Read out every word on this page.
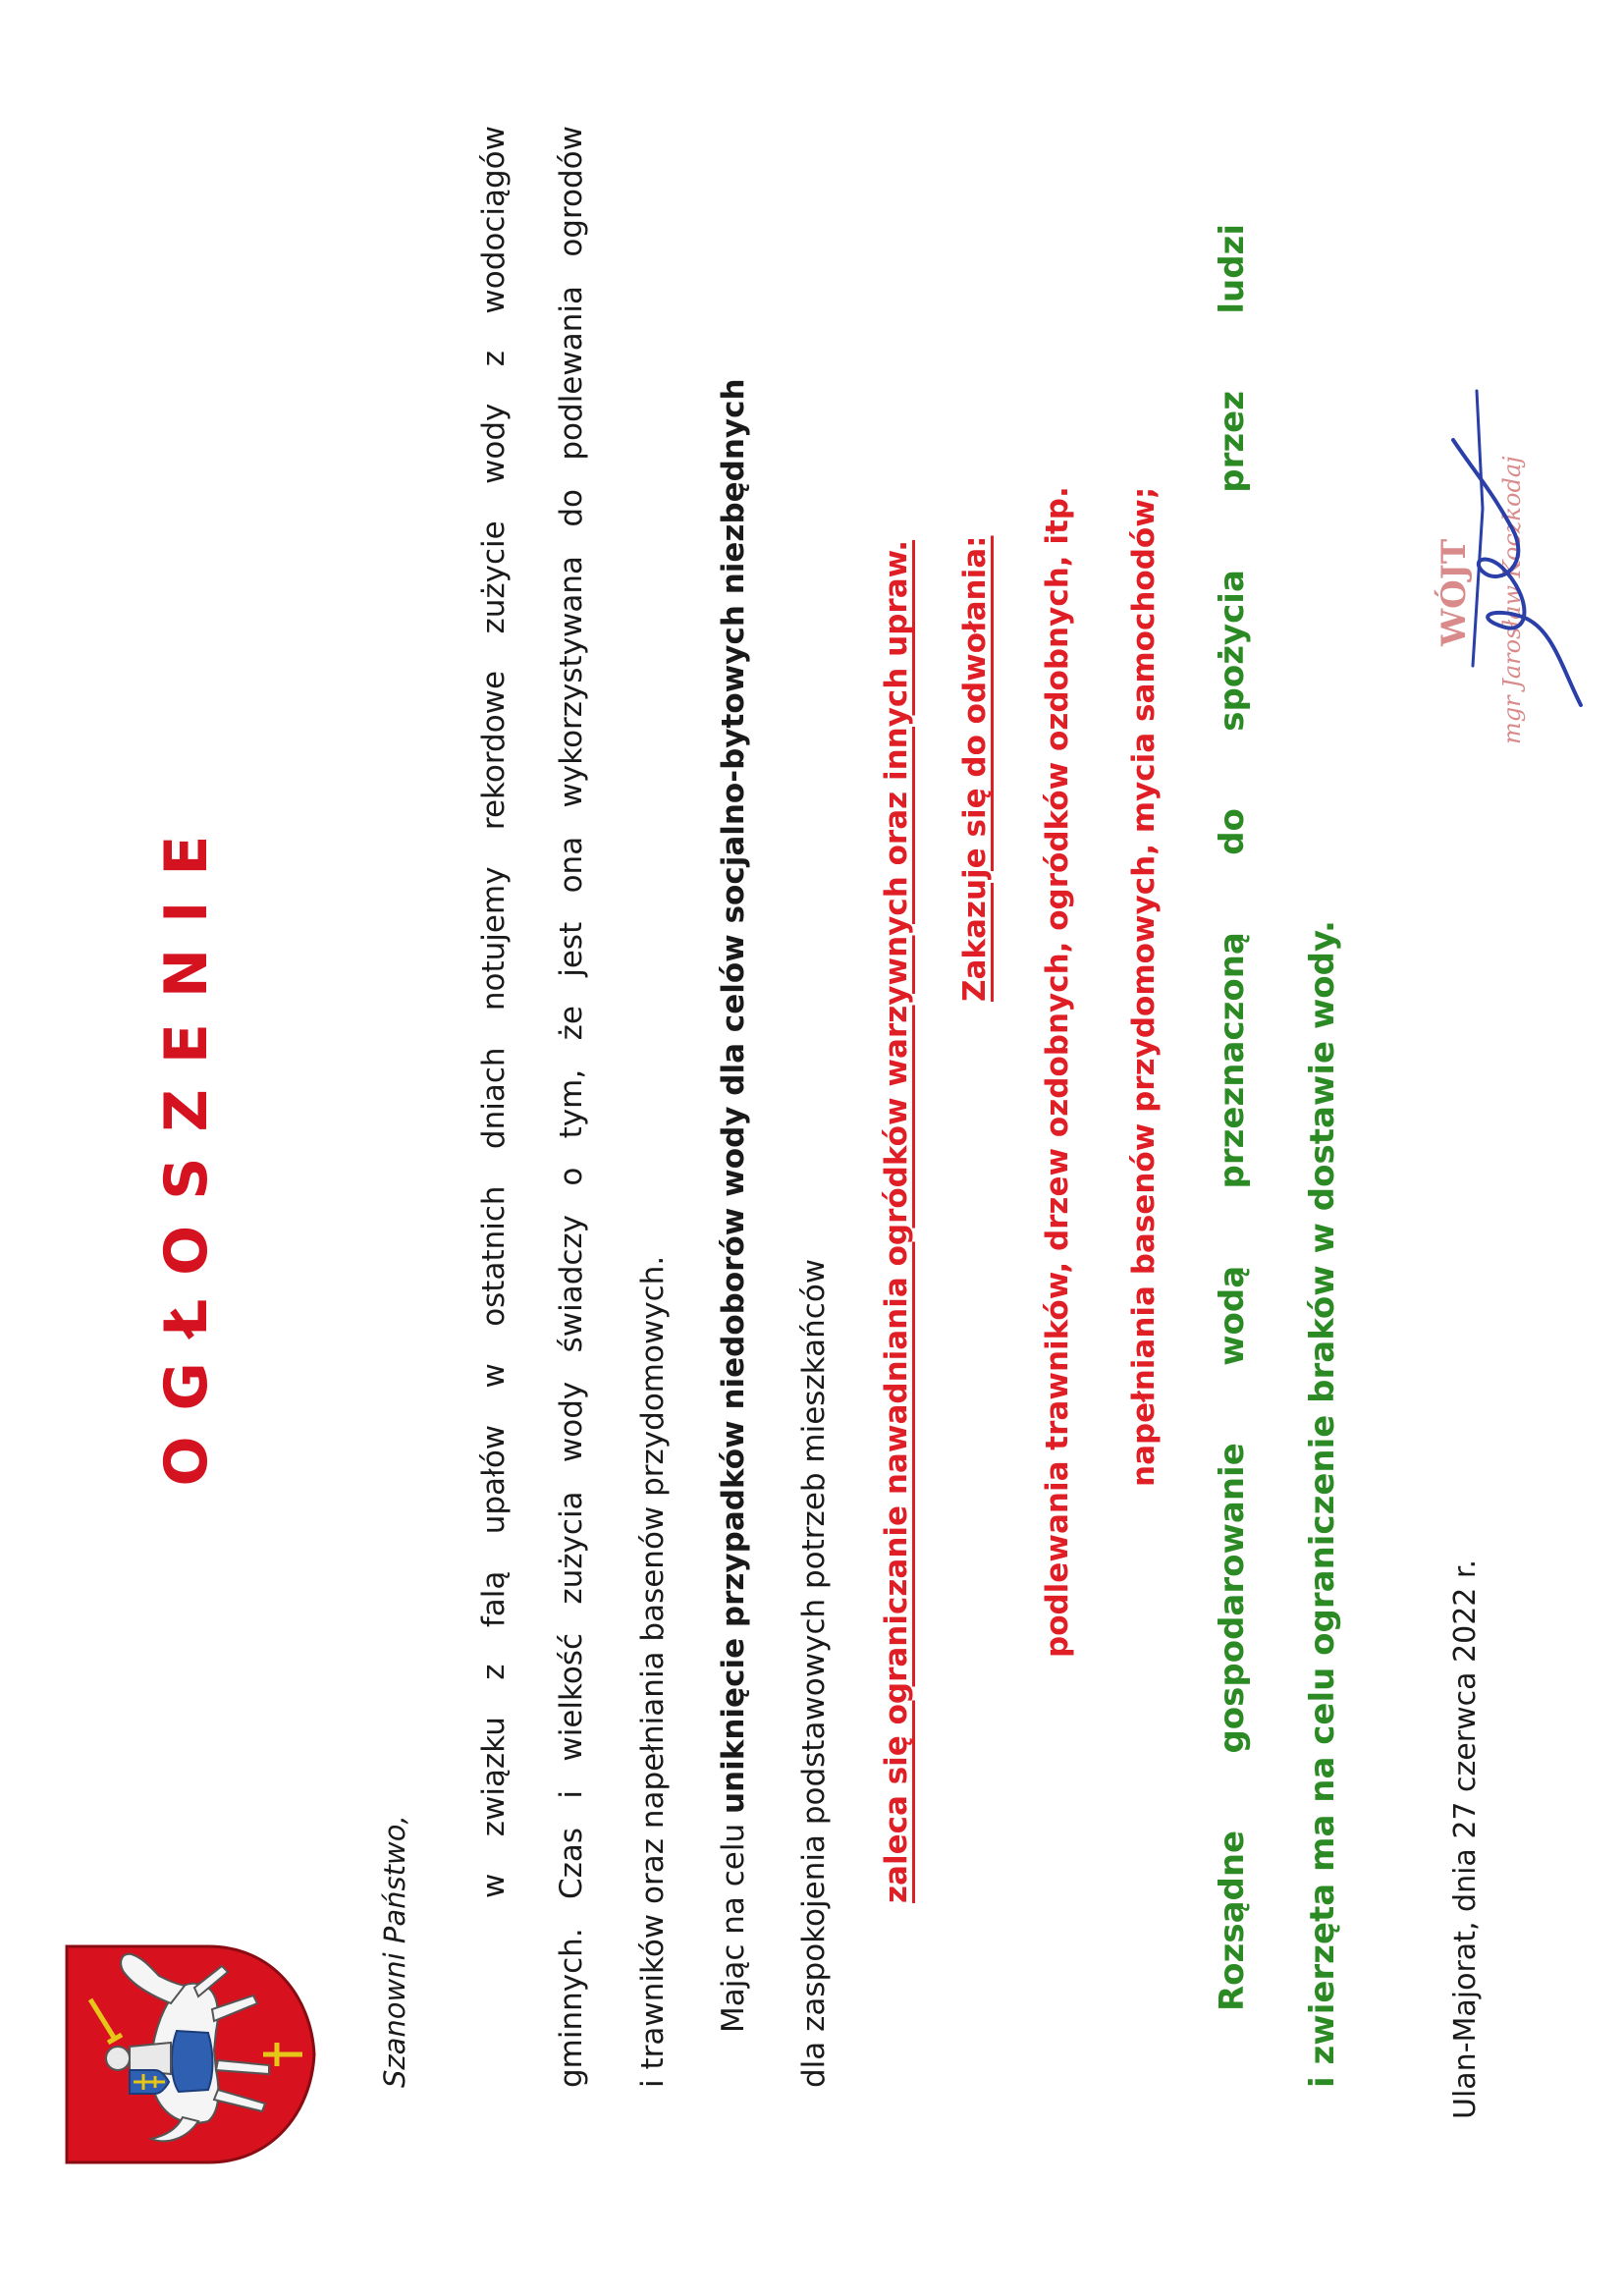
OGŁOSZENIE
Szanowni Państwo,
w związku z falą upałów w ostatnich dniach notujemy rekordowe zużycie wody z wodociągów gminnych. Czas i wielkość zużycia wody świadczy o tym, że jest ona wykorzystywana do podlewania ogrodów i trawników oraz napełniania basenów przydomowych. Mając na celu uniknięcie przypadków niedoborów wody dla celów socjalno-bytowych niezbędnych dla zaspokojenia podstawowych potrzeb mieszkańców zaleca się ograniczanie nawadniania ogródków warzywnych oraz innych upraw. Zakazuje się do odwołania: podlewania trawników, drzew ozdobnych, ogródków ozdobnych, itp. napełniania basenów przydomowych, mycia samochodów; Rozsądne gospodarowanie wodą przeznaczoną do spożycia przez ludzi i zwierzęta ma na celu ograniczenie braków w dostawie wody.	Ulan-Majorat, dnia 27 czerwca 2022 r.
WÓJT mgr Jarosław Koczkodaj
